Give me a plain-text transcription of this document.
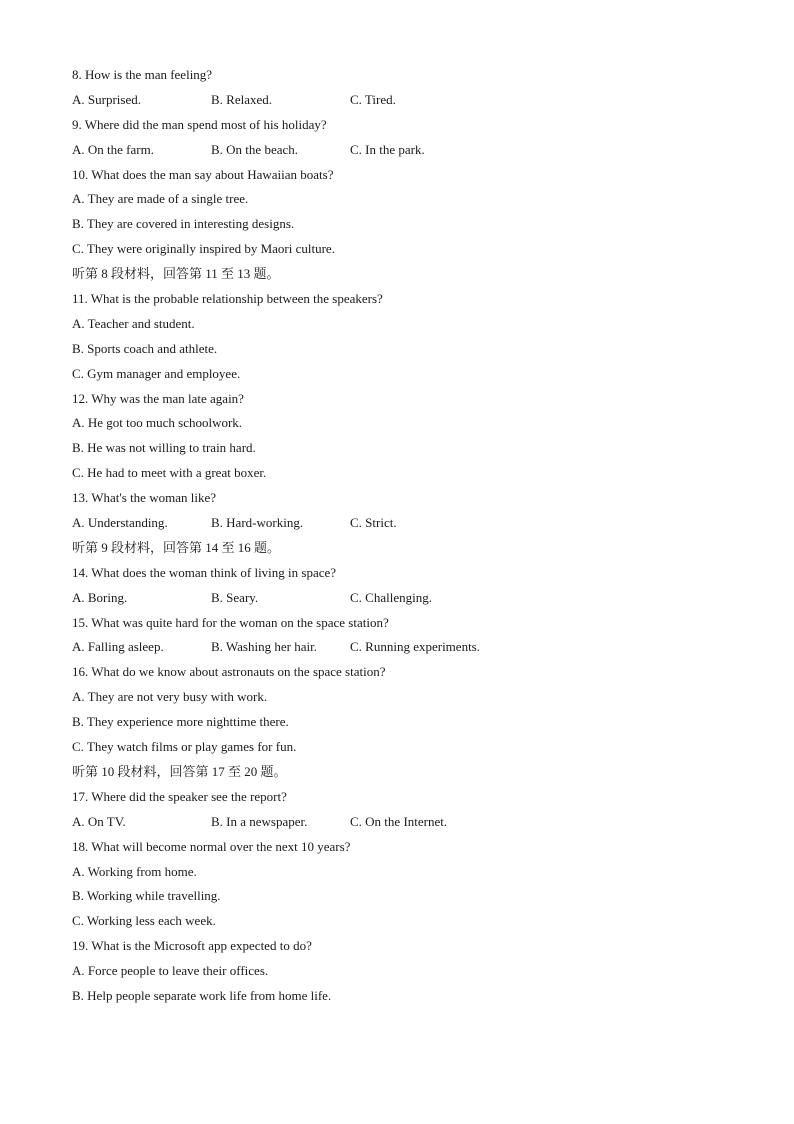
8. How is the man feeling?
A. Surprised.	B. Relaxed.	C. Tired.
9. Where did the man spend most of his holiday?
A. On the farm.	B. On the beach.	C. In the park.
10. What does the man say about Hawaiian boats?
A. They are made of a single tree.
B. They are covered in interesting designs.
C. They were originally inspired by Maori culture.
听第 8 段材料，回答第 11 至 13 题。
11. What is the probable relationship between the speakers?
A. Teacher and student.
B. Sports coach and athlete.
C. Gym manager and employee.
12. Why was the man late again?
A. He got too much schoolwork.
B. He was not willing to train hard.
C. He had to meet with a great boxer.
13. What's the woman like?
A. Understanding.	B. Hard-working.	C. Strict.
听第 9 段材料，回答第 14 至 16 题。
14. What does the woman think of living in space?
A. Boring.	B. Seary.	C. Challenging.
15. What was quite hard for the woman on the space station?
A. Falling asleep.	B. Washing her hair.	C. Running experiments.
16. What do we know about astronauts on the space station?
A. They are not very busy with work.
B. They experience more nighttime there.
C. They watch films or play games for fun.
听第 10 段材料，回答第 17 至 20 题。
17. Where did the speaker see the report?
A. On TV.	B. In a newspaper.	C. On the Internet.
18. What will become normal over the next 10 years?
A. Working from home.
B. Working while travelling.
C. Working less each week.
19. What is the Microsoft app expected to do?
A. Force people to leave their offices.
B. Help people separate work life from home life.
